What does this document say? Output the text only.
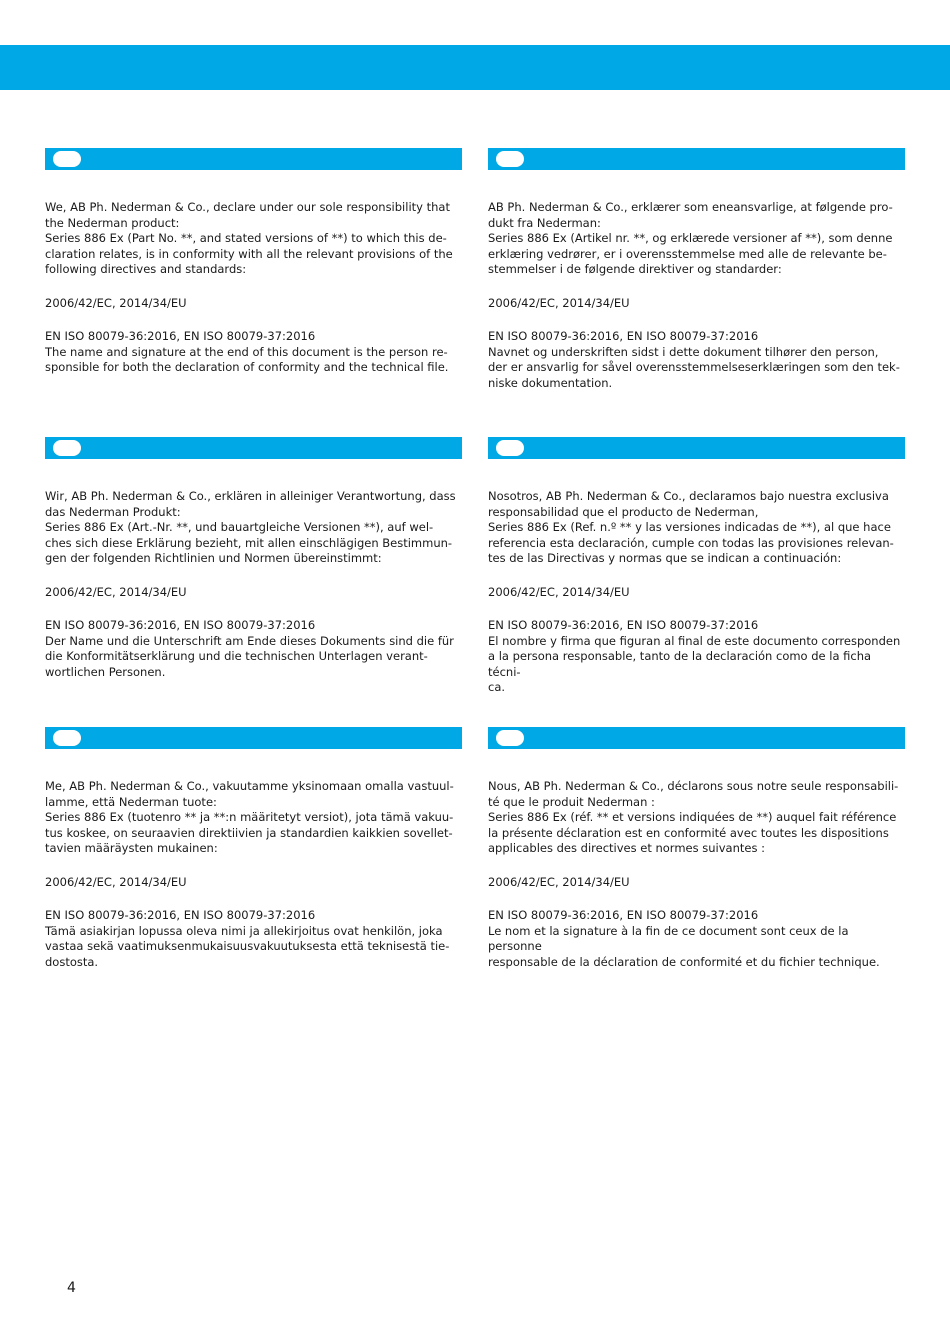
We, AB Ph. Nederman & Co., declare under our sole responsibility that
the Nederman product:
Series 886 Ex (Part No. **, and stated versions of **) to which this de-
claration relates, is in conformity with all the relevant provisions of the
following directives and standards:

2006/42/EC, 2014/34/EU

EN ISO 80079-36:2016, EN ISO 80079-37:2016

The name and signature at the end of this document is the person re-
sponsible for both the declaration of conformity and the technical file.

AB Ph. Nederman & Co., erklærer som eneansvarlige, at følgende pro-
dukt fra Nederman:
Series 886 Ex (Artikel nr. **, og erklærede versioner af **), som denne
erklæring vedrører, er i overensstemmelse med alle de relevante be-
stemmelser i de følgende direktiver og standarder:

2006/42/EC, 2014/34/EU

EN ISO 80079-36:2016, EN ISO 80079-37:2016

Navnet og underskriften sidst i dette dokument tilhører den person,
der er ansvarlig for såvel overensstemmelseserklæringen som den tek-
niske dokumentation.

Wir, AB Ph. Nederman & Co., erklären in alleiniger Verantwortung, dass
das Nederman Produkt:
Series 886 Ex (Art.-Nr. **, und bauartgleiche Versionen **), auf wel-
ches sich diese Erklärung bezieht, mit allen einschlägigen Bestimmun-
gen der folgenden Richtlinien und Normen übereinstimmt:

2006/42/EC, 2014/34/EU

EN ISO 80079-36:2016, EN ISO 80079-37:2016

Der Name und die Unterschrift am Ende dieses Dokuments sind die für
die Konformitätserklärung und die technischen Unterlagen verant-
wortlichen Personen.

Nosotros, AB Ph. Nederman & Co., declaramos bajo nuestra exclusiva
responsabilidad que el producto de Nederman,
Series 886 Ex (Ref. n.º ** y las versiones indicadas de **), al que hace
referencia esta declaración, cumple con todas las provisiones relevan-
tes de las Directivas y normas que se indican a continuación:

2006/42/EC, 2014/34/EU

EN ISO 80079-36:2016, EN ISO 80079-37:2016

El nombre y firma que figuran al final de este documento corresponden
a la persona responsable, tanto de la declaración como de la ficha técni-
ca.

Me, AB Ph. Nederman & Co., vakuutamme yksinomaan omalla vastuul-
lamme, että Nederman tuote:
Series 886 Ex (tuotenro ** ja **:n määritetyt versiot), jota tämä vakuu-
tus koskee, on seuraavien direktiivien ja standardien kaikkien sovellet-
tavien määräysten mukainen:

2006/42/EC, 2014/34/EU

EN ISO 80079-36:2016, EN ISO 80079-37:2016

Tämä asiakirjan lopussa oleva nimi ja allekirjoitus ovat henkilön, joka
vastaa sekä vaatimuksenmukaisuusvakuutuksesta että teknisestä tie-
dostosta.

Nous, AB Ph. Nederman & Co., déclarons sous notre seule responsabili-
té que le produit Nederman :
Series 886 Ex (réf. ** et versions indiquées de **) auquel fait référence
la présente déclaration est en conformité avec toutes les dispositions
applicables des directives et normes suivantes :

2006/42/EC, 2014/34/EU

EN ISO 80079-36:2016, EN ISO 80079-37:2016

Le nom et la signature à la fin de ce document sont ceux de la personne
responsable de la déclaration de conformité et du fichier technique.

4
